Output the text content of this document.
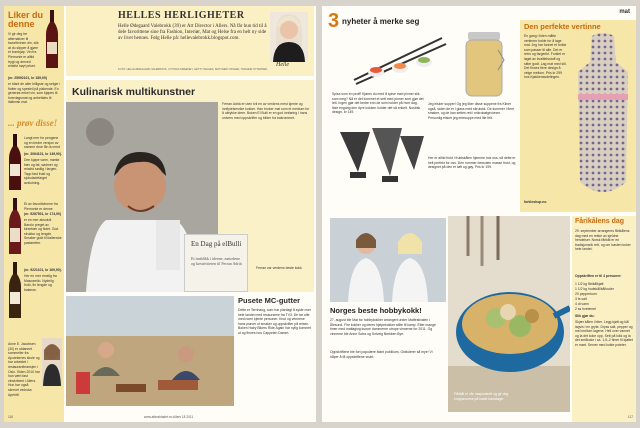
Liker du denne
Vi gir deg tre alternativer til favorittvinen din, slik at du slipper å gjøre et bomkjøp. Vin fra Piemonte er alltid trygt og derved relativt høyt priset.
(nr. 25992101, kr 189,90)
er blant de aller billigste og selger i flotter og spesiell på piskende. En generøs enkel vin, som kjøpes til hverdagsmat og anbefales til italiensk mat.
... prøv disse!
Langt mer for pengene og en bedre versjon av samme drue får du med
(nr. 3064101, kr 149,90).
Den kjøpe varm, mørke bær og fat, sødmer og relativt sødlig i fargen. Tapp fast frukt og sjokoladefarget avslutning.
Et av favorittvinene fra Piemonte er denne
(nr. 5287501, kr 174,90)
er en mer absolutt Barolo preget av kirsebær og fiolet. God struktur og lengde. Smaker godt til italienske pastaretter.
(nr. 9221101, kr 169,90).
Her en mer rimelig fra Mascarello. Nydelig frukt, fin lengde og balanse.
Anne E. Jacobsen (30) er utdannet sommelier fra Apotekenes skole og har arbeidet i restaurantbransjen i Oslo. Siden 2010 har hun vært fast vinskribent i Allers. Hun har også skrevet vinboka Apéritif.
116
HELLES HERLIGHETER
Helle Ødegaard Valebrokk (39) er Art Director i Allers. Nå får hun tid til å dele favorittene sine fra Fashion, Interiør, Mat og Helse fra en helt ny side av livet hennes. Følg Helle på: hellevalebrokk.blogspot.com.
Helle
FOTO: HELLE ØDEGAARD VALEBROKK, CYNTHIA SWEENEY, GETTY IMAGES, MATTHEW OSVAER, TORGEIR OTTERSEN
Kulinarisk multikunstner
Ferran Adrià er uten tvil en av verdens mest kjente og innflytelsesrike kokker. Han bruker mat som et medium for å uttrykke ideer. Boken El Bulli er en god innføring i hans univers med oppskrifter og bilder fra bakrommet.
Ferran var verdens beste kokk
En Dag på elBulli
Et innblikk i ideene, metodene og kreativiteten til Ferran Adrià
Pusete MC-gutter
Dette er Ternhaug, som har planlagt å sykle over hele landet med ressursene fra TV3. De tar ofte med noen kjente personer. Knut og vennene hans prøver ut smaker og oppskrifter på reisen. Boken Hairy Bikers Ride Again har nylig kommet ut og finnes hos Cappelen Damm.
www.allersbladet.no Allers 18 2011
mat
3 nyheter å merke seg
Spise som en proff! Kjøres du med å spise med pinner slik som meg? Nå er det kommet et sett med pinner som gjør det lett. Ingen gjør det bedre enn de som holder på hver dag. Ikke engang den dyre kokken holder det så enkelt. Nordisk design, kr 149.
Jeg elsker supper! Og jeg liker disse suppene fra Kilner også, siden de er i glass med skrulokk. De kommer i flere smaker, og de kan settes rett i mikrobølgeovnen. Personlig elsker jeg ertesuppe med lite fett.
Her er alltid frukt i fruktskålen hjemme hos oss, så dette er helt perfekt for oss. Den rommer dessuten masse frukt, og designet på den er tøft og gøy. Pris kr 199.
Den perfekte vertinne
En gang i tiden måtte vertinner forkle for å lage mat. Jeg har funnet et forkle som passer til alle. Det er retro og fargerikt. Forklet er laget av kvalitetsstoff og sitter godt. Lag mat med stil. Det finnes flere design å velge mellom. Pris kr 299 hos Kjøkkenavdelingen.
forkleshop.no
Norges beste hobbykokk!
27. august ble Mat for hobbykokker arrangert under Matfestivalen i Ålesund. Fire kokker og deres hjelpekokker stilte til kamp. Etter mange timer med matlaging kunne dommerne utrope vinnerne for 2011. Og vinnerne ble Anne Sotra og Solveig Brekken Bye.
Oppskriftene ble fort populære blant publikum. Gratulerer så mye! Vi håper å få oppskriftene snart.
Fårikål er vår nasjonalrett og gir deg kroppsvarme på kalde høstdager.
Fårikålens dag
29. september arrangeres fårikålens dag med en rekke av sjeldne hendelser. Norsk fårikål er en tradisjonsrik rett, og om høsten koker hele landet.
Oppskriften er til 4 personer:
1 1/2 kg fårikålkjøtt
1 1/2 kg hodekål/kålhoder
20 pepperkorn
3 ts salt
4 dl vann
2 ss hvetemel
Slik gjør du:
Skjær kålen i biter. Legg kjøtt og kål lagvis i en gryte. Dryss salt, pepper og mel mellom lagene. Hell over vannet og la det koke opp. Sett på lokk og la det småkoke i ca. 1,5–2 timer til kjøttet er mørt. Server med kokte poteter.
117
